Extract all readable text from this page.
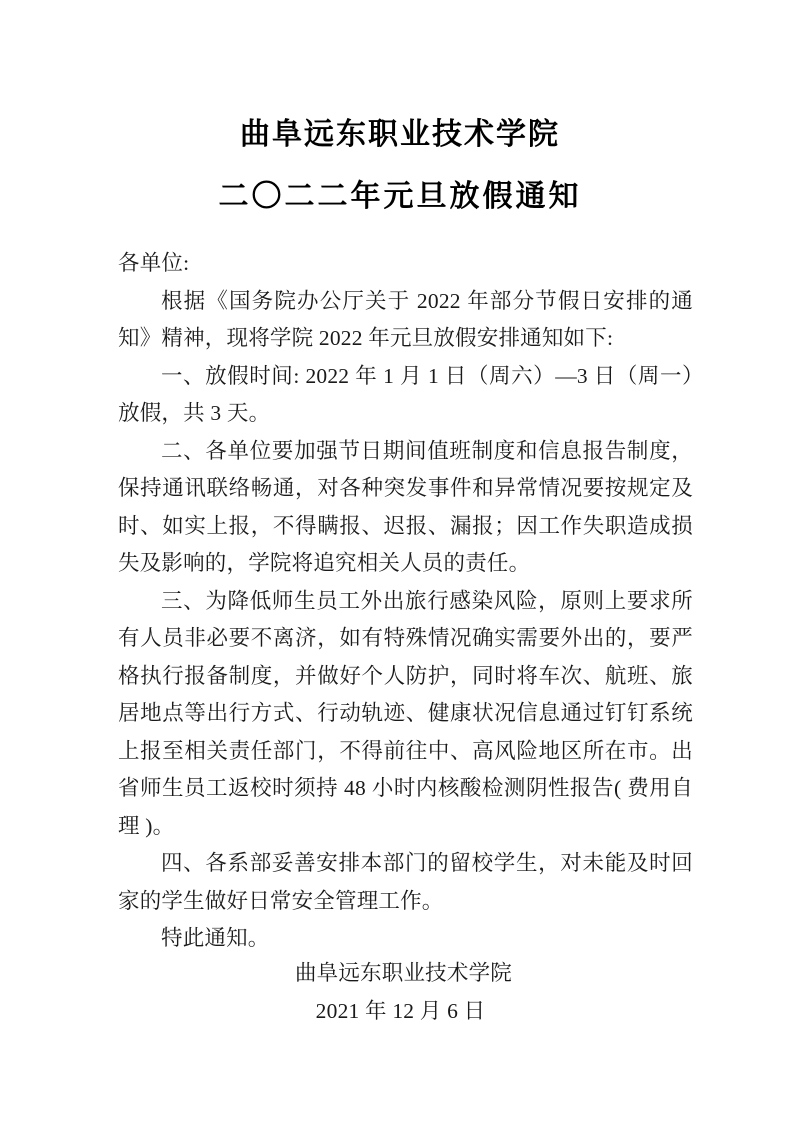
曲阜远东职业技术学院
二〇二二年元旦放假通知

各单位:

根据《国务院办公厅关于 2022 年部分节假日安排的通知》精神，现将学院 2022 年元旦放假安排通知如下:

一、放假时间: 2022 年 1 月 1 日（周六）—3 日（周一）放假，共 3 天。

二、各单位要加强节日期间值班制度和信息报告制度，保持通讯联络畅通，对各种突发事件和异常情况要按规定及时、如实上报，不得瞒报、迟报、漏报；因工作失职造成损失及影响的，学院将追究相关人员的责任。

三、为降低师生员工外出旅行感染风险，原则上要求所有人员非必要不离济，如有特殊情况确实需要外出的，要严格执行报备制度，并做好个人防护，同时将车次、航班、旅居地点等出行方式、行动轨迹、健康状况信息通过钉钉系统上报至相关责任部门，不得前往中、高风险地区所在市。出省师生员工返校时须持 48 小时内核酸检测阴性报告( 费用自理 )。

四、各系部妥善安排本部门的留校学生，对未能及时回家的学生做好日常安全管理工作。

特此通知。

曲阜远东职业技术学院
2021 年 12 月 6 日
